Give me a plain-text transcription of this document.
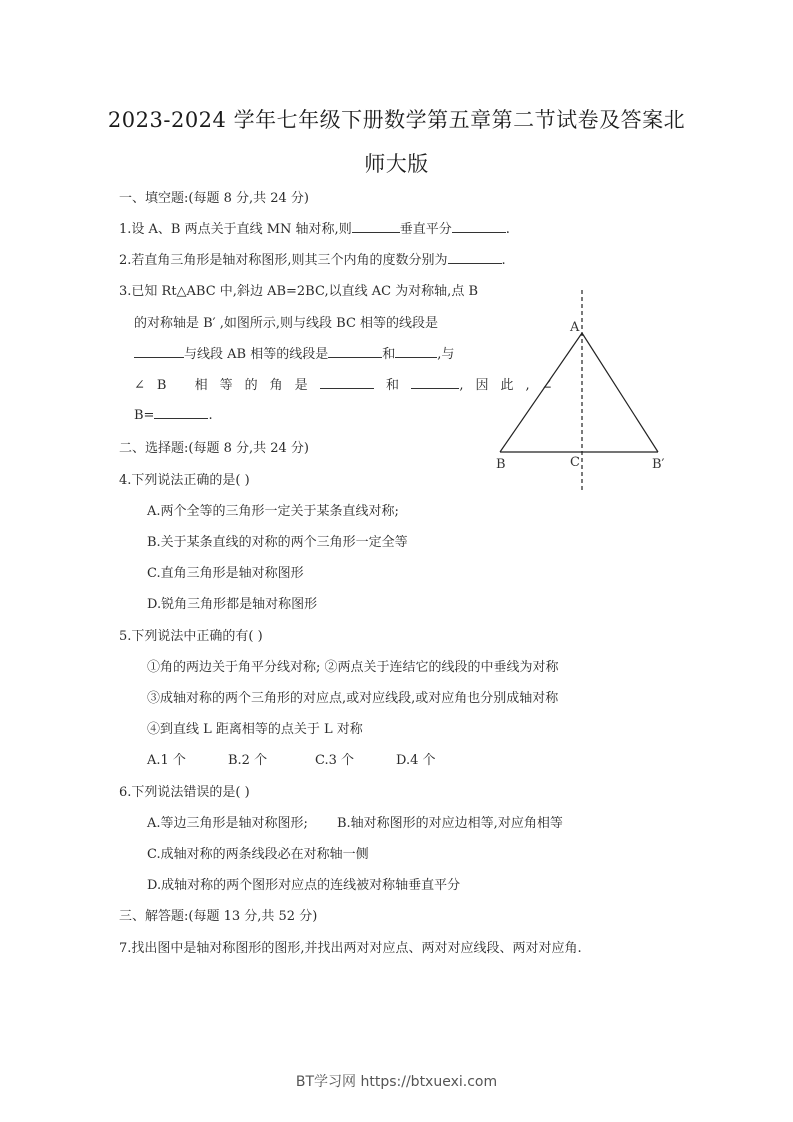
2023-2024 学年七年级下册数学第五章第二节试卷及答案北
师大版
一、填空题:(每题 8 分,共 24 分)
1.设 A、B 两点关于直线 MN 轴对称,则	垂直平分	.
2.若直角三角形是轴对称图形,则其三个内角的度数分别为	.
3.已知 Rt△ABC 中,斜边 AB=2BC,以直线 AC 为对称轴,点 B
的对称轴是 B′ ,如图所示,则与线段 BC 相等的线段是
与线段 AB 相等的线段是	和	,与
∠B 相等的角是	和	,因此,∠
B=	.
A
B	C	B′
二、选择题:(每题 8 分,共 24 分)
4.下列说法正确的是( )
A.两个全等的三角形一定关于某条直线对称;
B.关于某条直线的对称的两个三角形一定全等
C.直角三角形是轴对称图形
D.锐角三角形都是轴对称图形
5.下列说法中正确的有( )
①角的两边关于角平分线对称; ②两点关于连结它的线段的中垂线为对称
③成轴对称的两个三角形的对应点,或对应线段,或对应角也分别成轴对称
④到直线 L 距离相等的点关于 L 对称
A.1 个	B.2 个	C.3 个	D.4 个
6.下列说法错误的是( )
A.等边三角形是轴对称图形; B.轴对称图形的对应边相等,对应角相等
C.成轴对称的两条线段必在对称轴一侧
D.成轴对称的两个图形对应点的连线被对称轴垂直平分
三、解答题:(每题 13 分,共 52 分)
7.找出图中是轴对称图形的图形,并找出两对对应点、两对对应线段、两对对应角.
BT学习网 https://btxuexi.com
